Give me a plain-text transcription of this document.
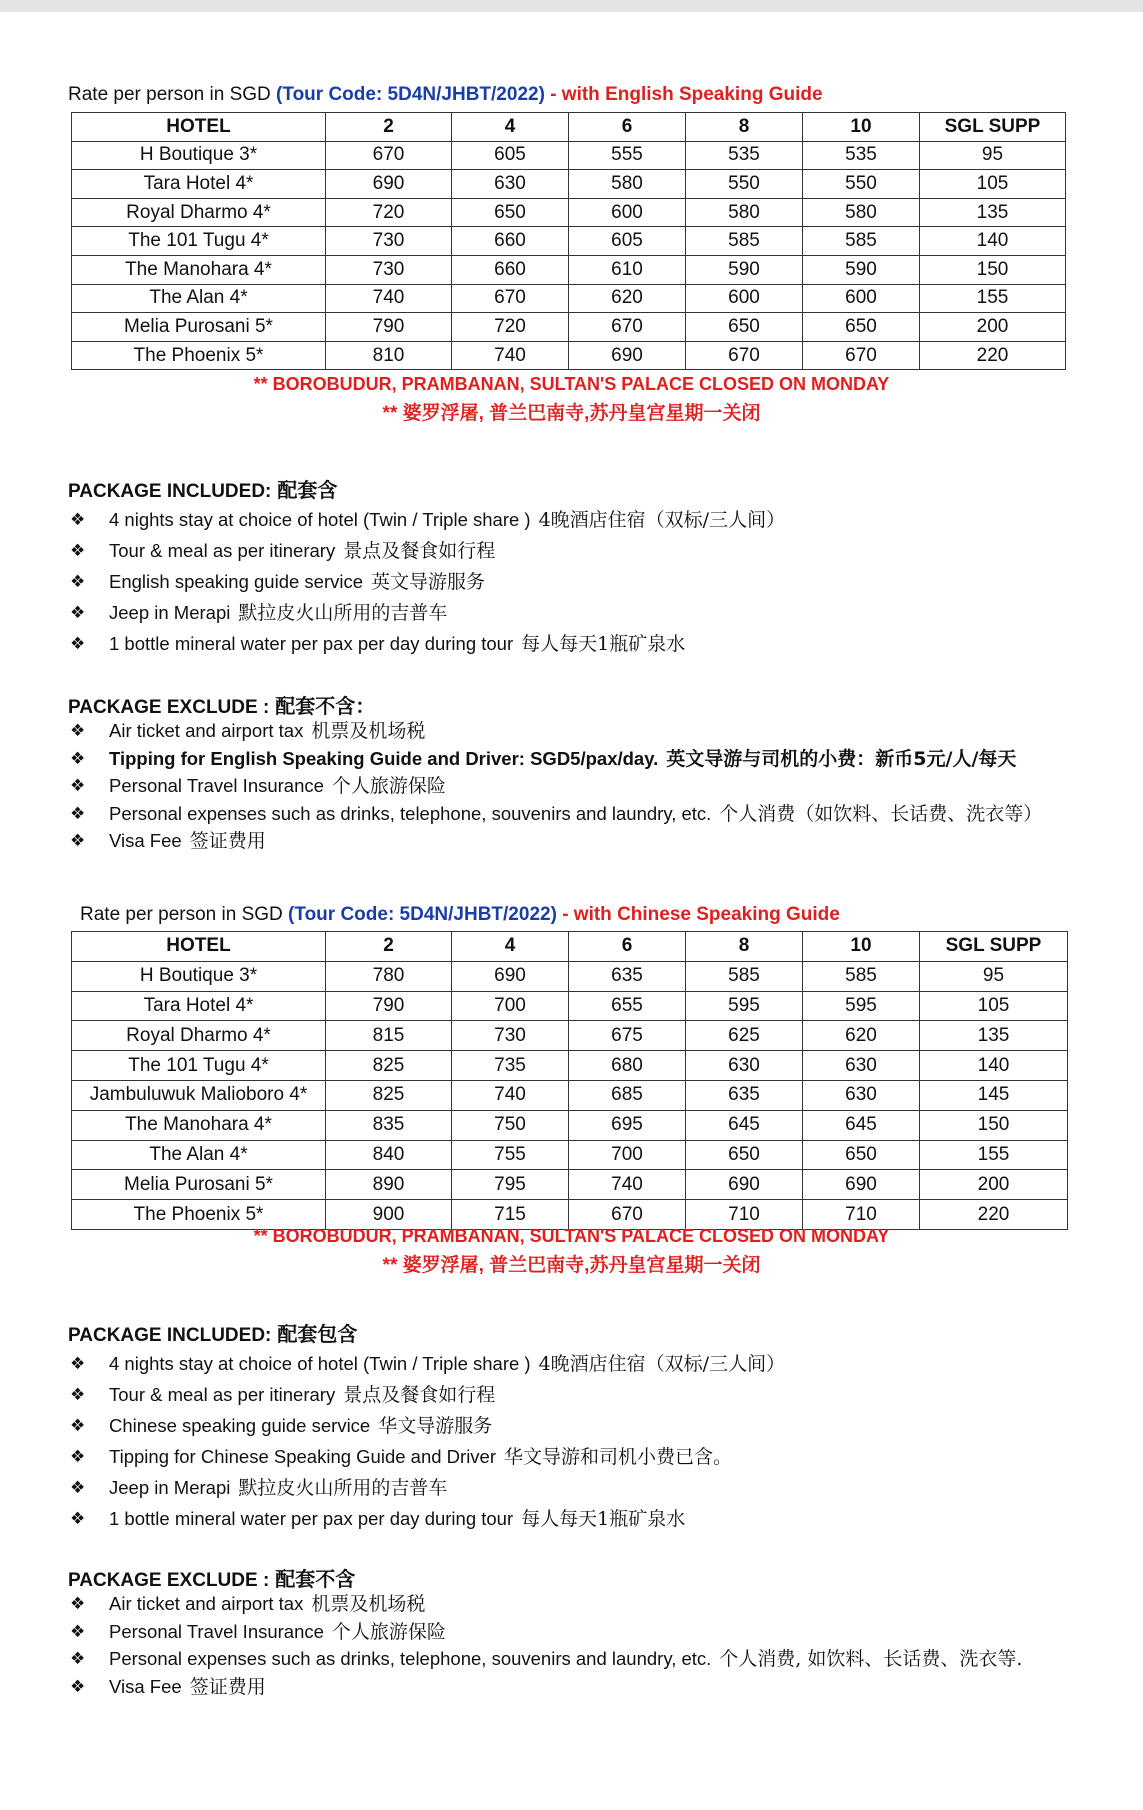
Rate per person in SGD (Tour Code: 5D4N/JHBT/2022) - with English Speaking Guide
HOTEL	2	4	6	8	10	SGL SUPP
H Boutique 3*	670	605	555	535	535	95
Tara Hotel 4*	690	630	580	550	550	105
Royal Dharmo 4*	720	650	600	580	580	135
The 101 Tugu 4*	730	660	605	585	585	140
The Manohara 4*	730	660	610	590	590	150
The Alan 4*	740	670	620	600	600	155
Melia Purosani 5*	790	720	670	650	650	200
The Phoenix 5*	810	740	690	670	670	220
** BOROBUDUR, PRAMBANAN, SULTAN'S PALACE CLOSED ON MONDAY
** 婆罗浮屠, 普兰巴南寺,苏丹皇宫星期一关闭
PACKAGE INCLUDED: 配套含
❖ 4 nights stay at choice of hotel (Twin / Triple share ) 4晚酒店住宿（双标/三人间）
❖ Tour & meal as per itinerary 景点及餐食如行程
❖ English speaking guide service 英文导游服务
❖ Jeep in Merapi 默拉皮火山所用的吉普车
❖ 1 bottle mineral water per pax per day during tour 每人每天1瓶矿泉水
PACKAGE EXCLUDE : 配套不含：
❖ Air ticket and airport tax 机票及机场税
❖ Tipping for English Speaking Guide and Driver: SGD5/pax/day. 英文导游与司机的小费：新币5元/人/每天
❖ Personal Travel Insurance 个人旅游保险
❖ Personal expenses such as drinks, telephone, souvenirs and laundry, etc. 个人消费（如饮料、长话费、洗衣等）
❖ Visa Fee 签证费用
Rate per person in SGD (Tour Code: 5D4N/JHBT/2022) - with Chinese Speaking Guide
HOTEL	2	4	6	8	10	SGL SUPP
H Boutique 3*	780	690	635	585	585	95
Tara Hotel 4*	790	700	655	595	595	105
Royal Dharmo 4*	815	730	675	625	620	135
The 101 Tugu 4*	825	735	680	630	630	140
Jambuluwuk Malioboro 4*	825	740	685	635	630	145
The Manohara 4*	835	750	695	645	645	150
The Alan 4*	840	755	700	650	650	155
Melia Purosani 5*	890	795	740	690	690	200
The Phoenix 5*	900	715	670	710	710	220
** BOROBUDUR, PRAMBANAN, SULTAN'S PALACE CLOSED ON MONDAY
** 婆罗浮屠, 普兰巴南寺,苏丹皇宫星期一关闭
PACKAGE INCLUDED: 配套包含
❖ 4 nights stay at choice of hotel (Twin / Triple share ) 4晚酒店住宿（双标/三人间）
❖ Tour & meal as per itinerary 景点及餐食如行程
❖ Chinese speaking guide service 华文导游服务
❖ Tipping for Chinese Speaking Guide and Driver 华文导游和司机小费已含。
❖ Jeep in Merapi 默拉皮火山所用的吉普车
❖ 1 bottle mineral water per pax per day during tour 每人每天1瓶矿泉水
PACKAGE EXCLUDE : 配套不含
❖ Air ticket and airport tax 机票及机场税
❖ Personal Travel Insurance 个人旅游保险
❖ Personal expenses such as drinks, telephone, souvenirs and laundry, etc. 个人消费, 如饮料、长话费、洗衣等.
❖ Visa Fee 签证费用
